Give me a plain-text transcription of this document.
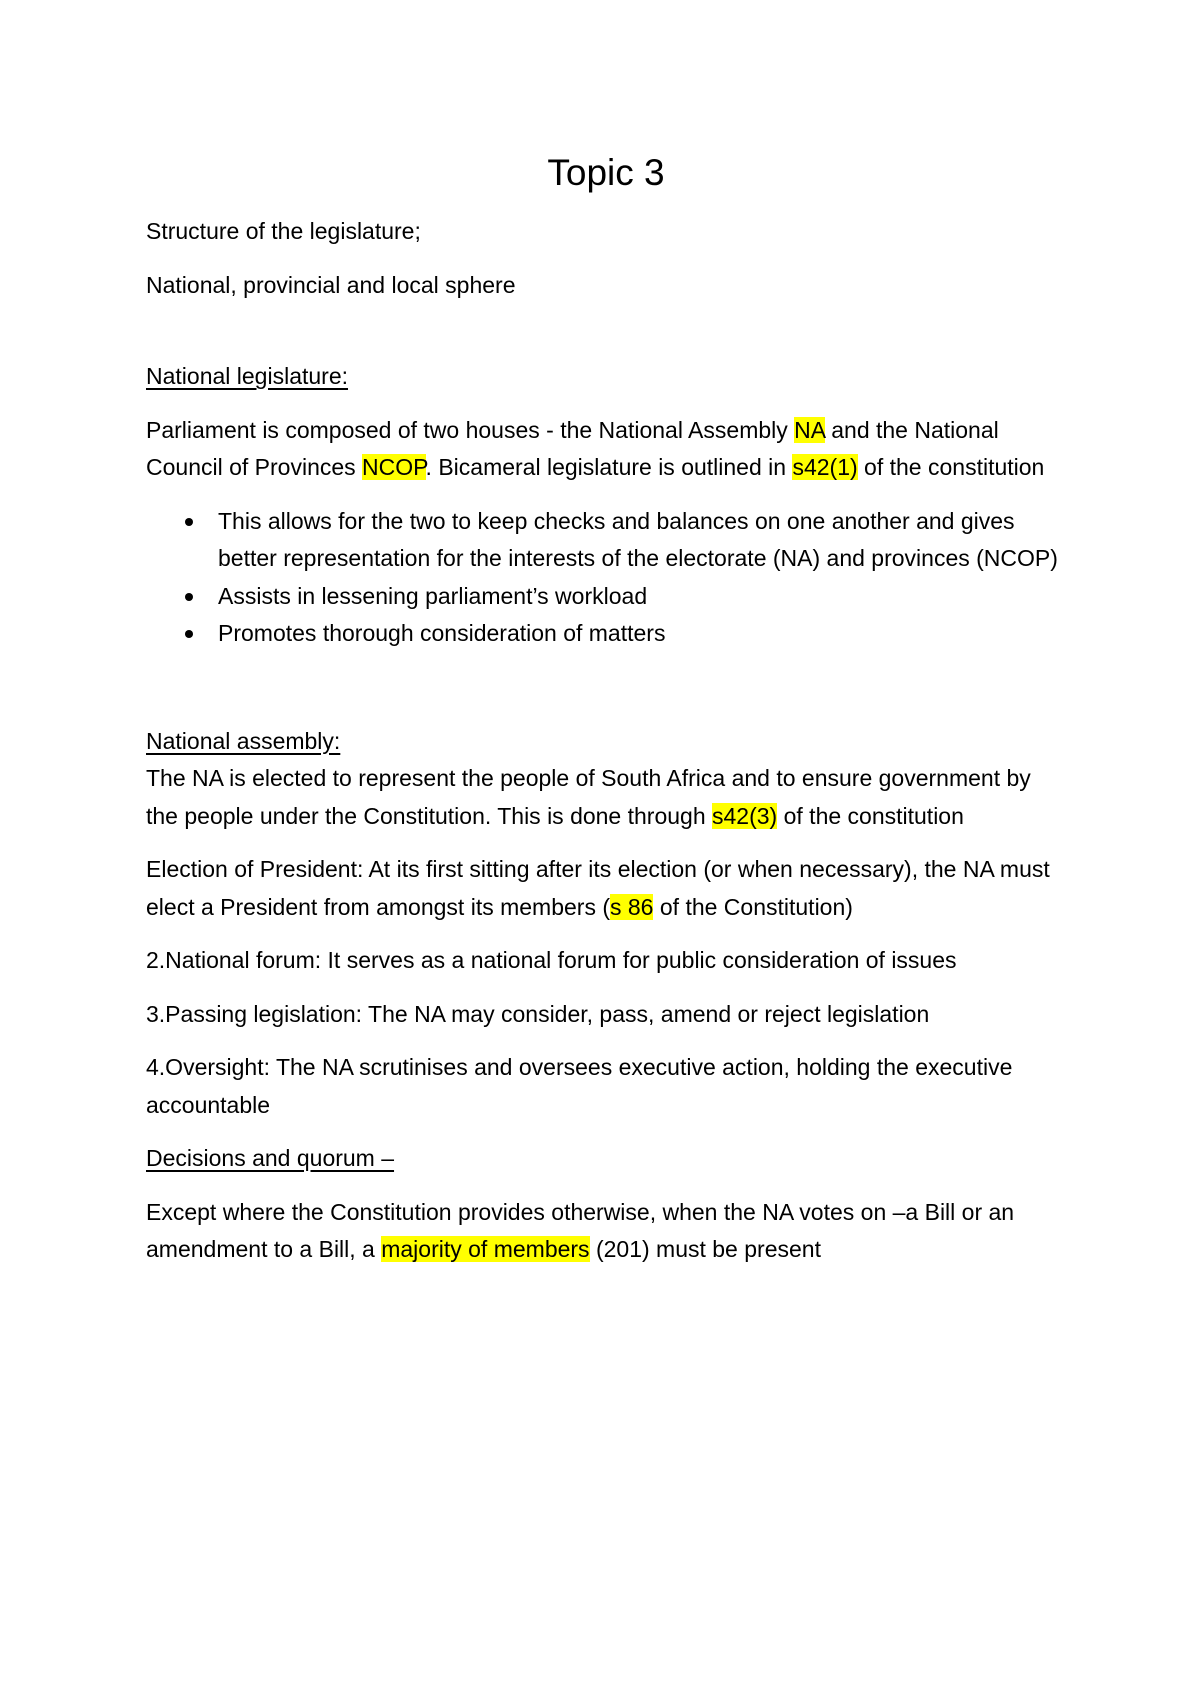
Topic 3

Structure of the legislature;

National, provincial and local sphere

National legislature:

Parliament is composed of two houses - the National Assembly NA and the National Council of Provinces NCOP. Bicameral legislature is outlined in s42(1) of the constitution

This allows for the two to keep checks and balances on one another and gives better representation for the interests of the electorate (NA) and provinces (NCOP)
Assists in lessening parliament’s workload
Promotes thorough consideration of matters

National assembly:

The NA is elected to represent the people of South Africa and to ensure government by the people under the Constitution. This is done through s42(3) of the constitution

Election of President: At its first sitting after its election (or when necessary), the NA must elect a President from amongst its members (s 86 of the Constitution)

2.National forum: It serves as a national forum for public consideration of issues

3.Passing legislation: The NA may consider, pass, amend or reject legislation

4.Oversight: The NA scrutinises and oversees executive action, holding the executive accountable

Decisions and quorum –

Except where the Constitution provides otherwise, when the NA votes on –a Bill or an amendment to a Bill, a majority of members (201) must be present
